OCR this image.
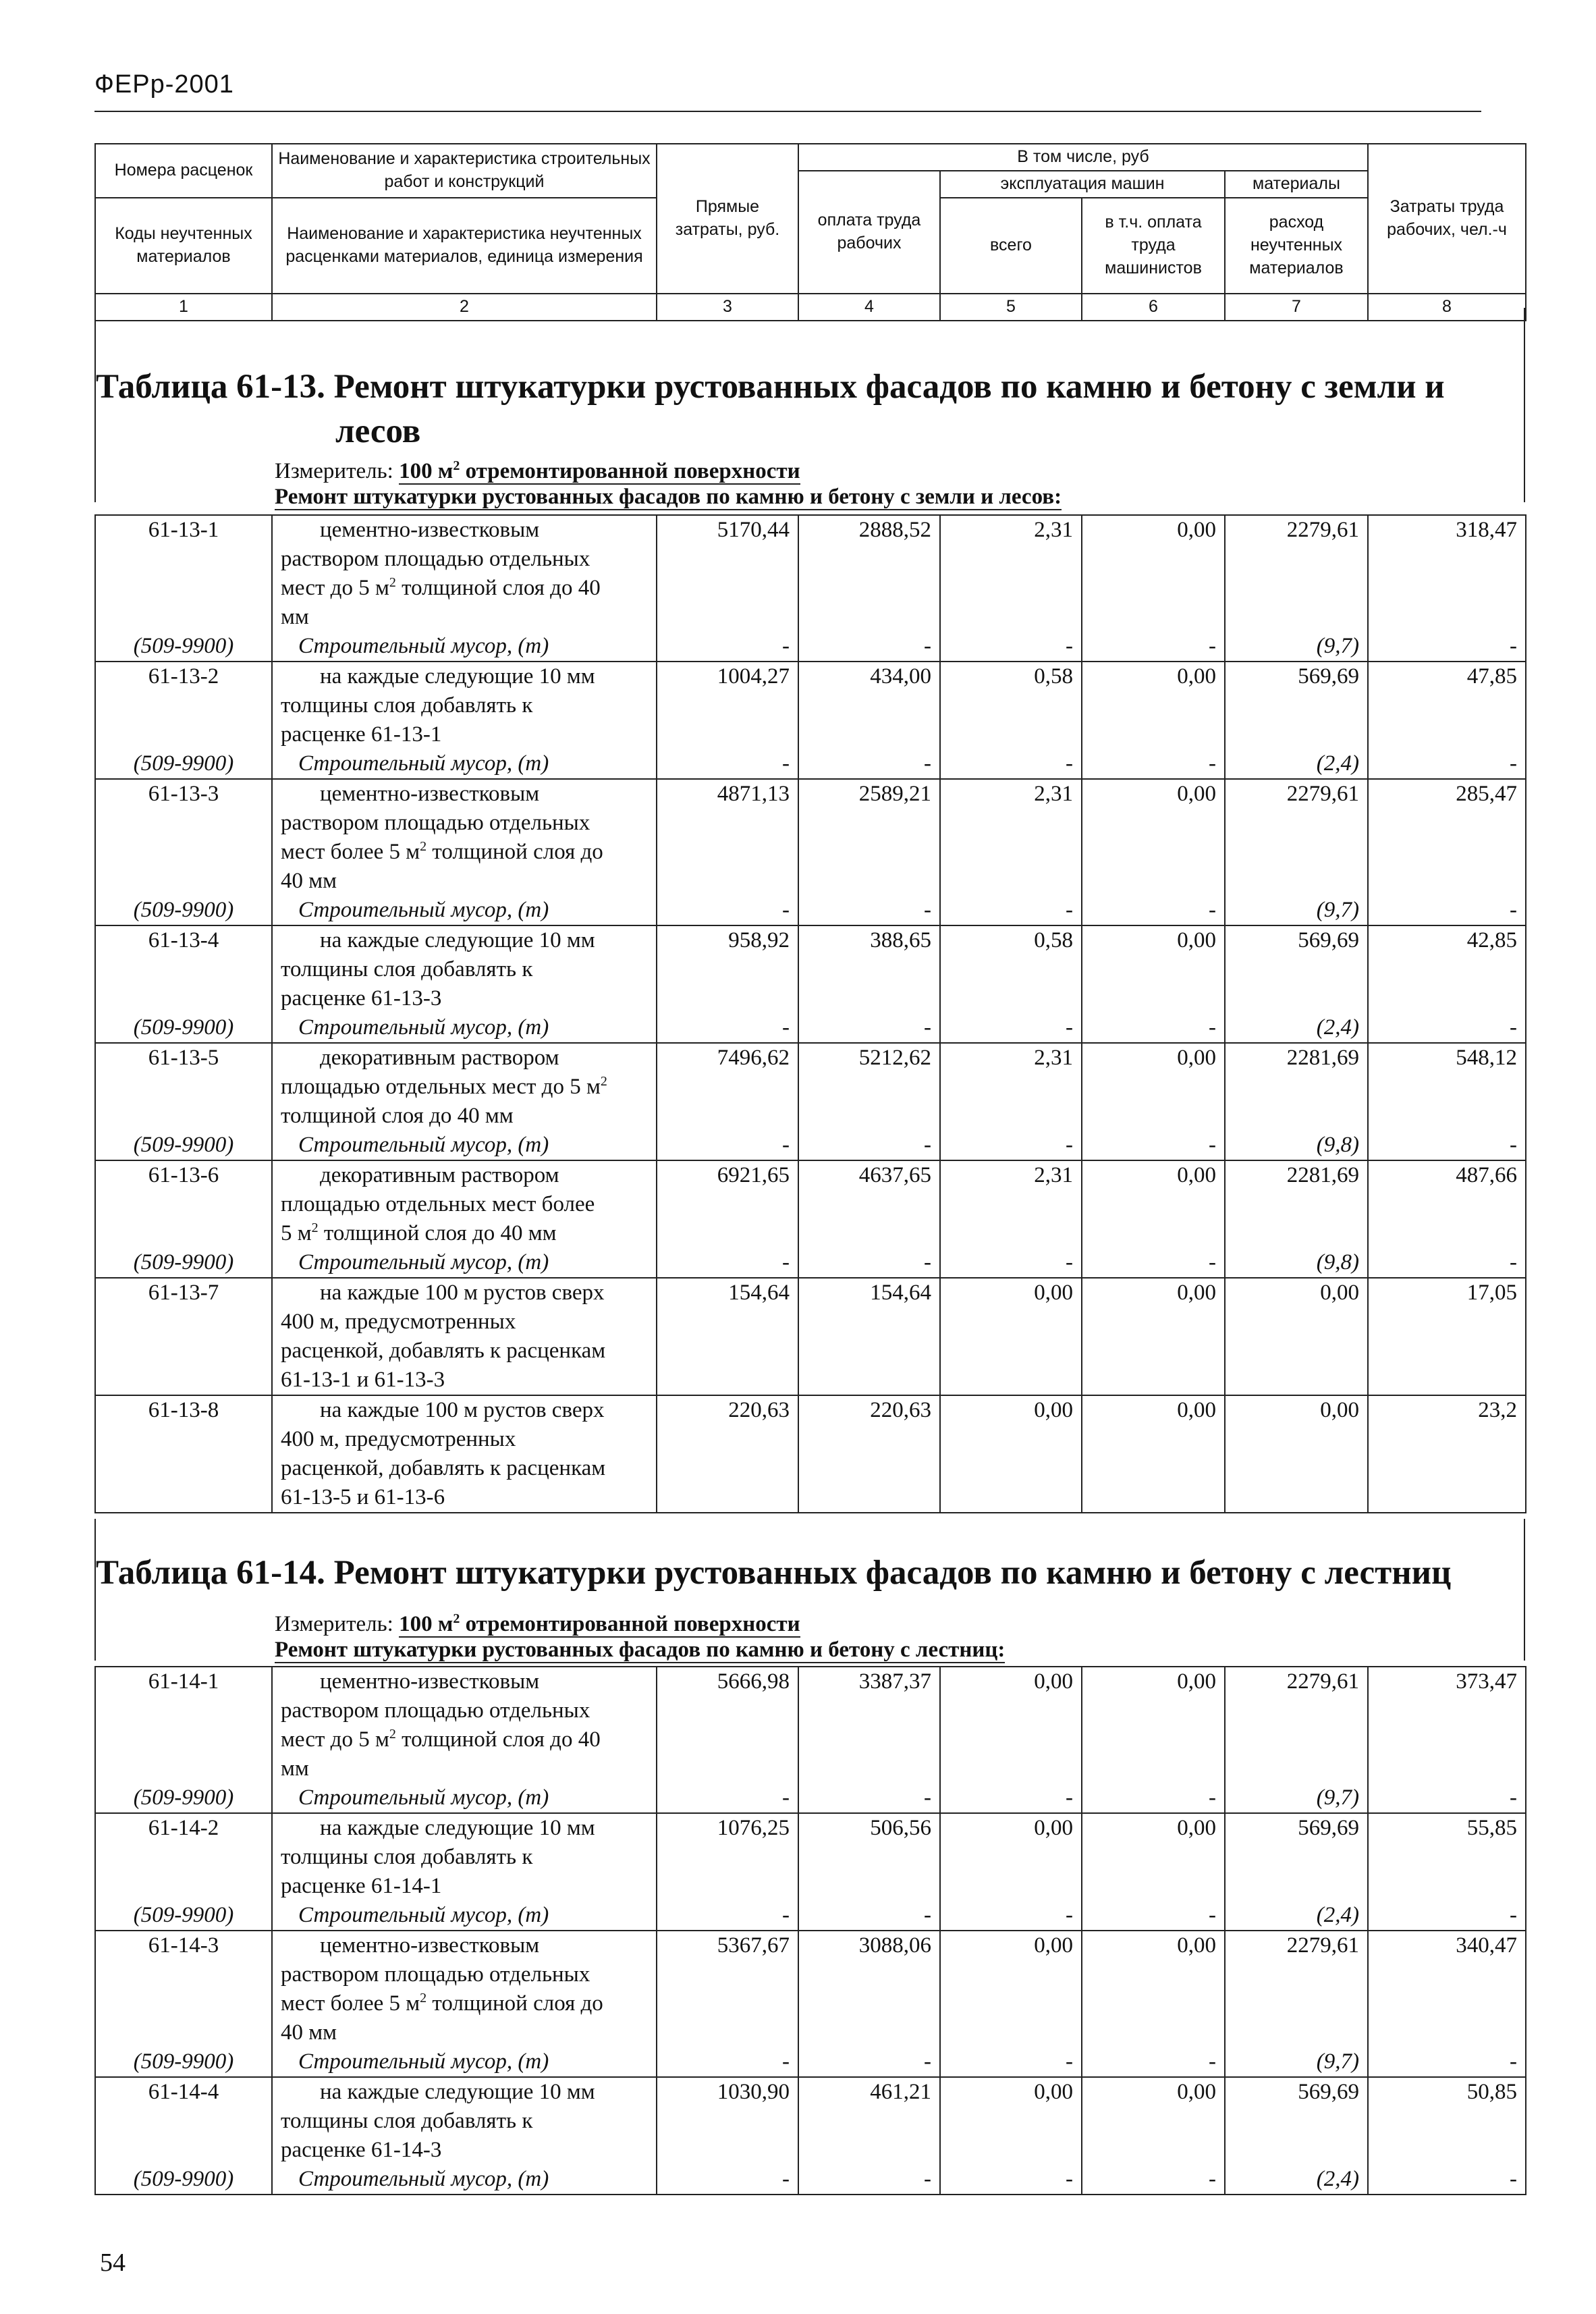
ФЕРр-2001
Номера расценок	Наименование и характеристика строительных работ и конструкций	Прямые затраты, руб.	В том числе, руб				Затраты труда рабочих, чел.-ч
			оплата труда рабочих	эксплуатация машин		материалы	
Коды неучтенных материалов	Наименование и характеристика неучтенных расценками материалов, единица измерения			всего	в т.ч. оплата труда машинистов	расход неучтенных материалов	

1	2	3	4	5	6	7	8
Таблица 61-13. Ремонт штукатурки рустованных фасадов по камню и бетону с земли и
лесов
Измеритель: 100 $м^2$ отремонтированной поверхности
Ремонт штукатурки рустованных фасадов по камню и бетону с земли и лесов:
61-13-1	цементно-известковым
раствором площадью отдельных
мест до 5 $м^2$ толщиной слоя до 40
мм	5170,44	2888,52	2,31	0,00	2279,61	318,47
(509-9900)	Строительный мусор, (т)	-	-	-	-	(9,7)	-
61-13-2	на каждые следующие 10 мм
толщины слоя добавлять к
расценке 61-13-1	1004,27	434,00	0,58	0,00	569,69	47,85
(509-9900)	Строительный мусор, (т)	-	-	-	-	(2,4)	-
61-13-3	цементно-известковым
раствором площадью отдельных
мест более 5 $м^2$ толщиной слоя до
40 мм	4871,13	2589,21	2,31	0,00	2279,61	285,47
(509-9900)	Строительный мусор, (т)	-	-	-	-	(9,7)	-
61-13-4	на каждые следующие 10 мм
толщины слоя добавлять к
расценке 61-13-3	958,92	388,65	0,58	0,00	569,69	42,85
(509-9900)	Строительный мусор, (т)	-	-	-	-	(2,4)	-
61-13-5	декоративным раствором
площадью отдельных мест до 5 $м^2$
толщиной слоя до 40 мм	7496,62	5212,62	2,31	0,00	2281,69	548,12
(509-9900)	Строительный мусор, (т)	-	-	-	-	(9,8)	-
61-13-6	декоративным раствором
площадью отдельных мест более
5 $м^2$ толщиной слоя до 40 мм	6921,65	4637,65	2,31	0,00	2281,69	487,66
(509-9900)	Строительный мусор, (т)	-	-	-	-	(9,8)	-
61-13-7	на каждые 100 м рустов сверх
400 м, предусмотренных
расценкой, добавлять к расценкам
61-13-1 и 61-13-3	154,64	154,64	0,00	0,00	0,00	17,05
61-13-8	на каждые 100 м рустов сверх
400 м, предусмотренных
расценкой, добавлять к расценкам
61-13-5 и 61-13-6	220,63	220,63	0,00	0,00	0,00	23,2
Таблица 61-14. Ремонт штукатурки рустованных фасадов по камню и бетону с лестниц
Измеритель: 100 $м^2$ отремонтированной поверхности
Ремонт штукатурки рустованных фасадов по камню и бетону с лестниц:
61-14-1	цементно-известковым
раствором площадью отдельных
мест до 5 $м^2$ толщиной слоя до 40
мм	5666,98	3387,37	0,00	0,00	2279,61	373,47
(509-9900)	Строительный мусор, (т)	-	-	-	-	(9,7)	-
61-14-2	на каждые следующие 10 мм
толщины слоя добавлять к
расценке 61-14-1	1076,25	506,56	0,00	0,00	569,69	55,85
(509-9900)	Строительный мусор, (т)	-	-	-	-	(2,4)	-
61-14-3	цементно-известковым
раствором площадью отдельных
мест более 5 $м^2$ толщиной слоя до
40 мм	5367,67	3088,06	0,00	0,00	2279,61	340,47
(509-9900)	Строительный мусор, (т)	-	-	-	-	(9,7)	-
61-14-4	на каждые следующие 10 мм
толщины слоя добавлять к
расценке 61-14-3	1030,90	461,21	0,00	0,00	569,69	50,85
(509-9900)	Строительный мусор, (т)	-	-	-	-	(2,4)	-
54
